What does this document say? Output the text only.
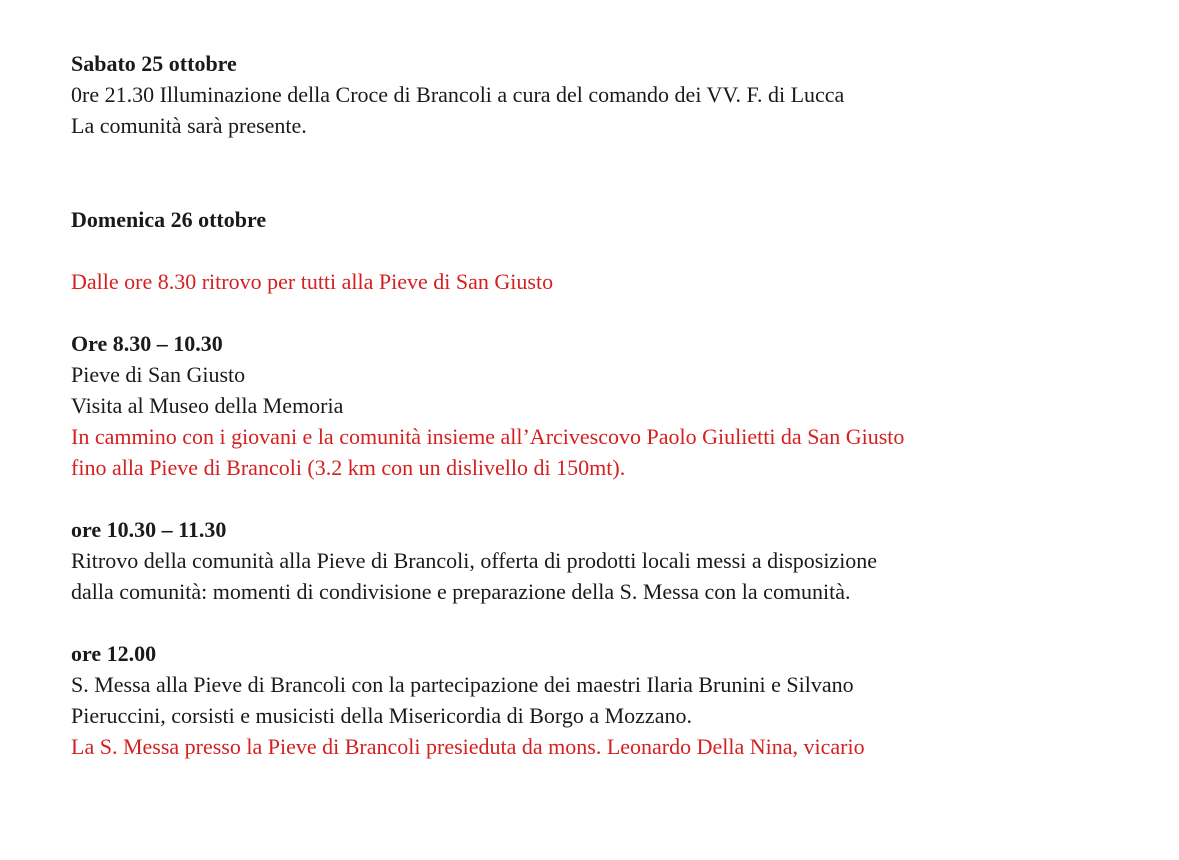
Sabato 25 ottobre
0re 21.30 Illuminazione della Croce di Brancoli a cura del comando dei VV. F. di Lucca
La comunità sarà presente.
Domenica 26 ottobre
Dalle ore 8.30 ritrovo per tutti alla Pieve di San Giusto
Ore 8.30 – 10.30
Pieve di San Giusto
Visita al Museo della Memoria
In cammino con i giovani e la comunità insieme all’Arcivescovo Paolo Giulietti da San Giusto
fino alla Pieve di Brancoli (3.2 km con un dislivello di 150mt).
ore 10.30 – 11.30
Ritrovo della comunità alla Pieve di Brancoli, offerta di prodotti locali messi a disposizione
dalla comunità: momenti di condivisione e preparazione della S. Messa con la comunità.
ore 12.00
S. Messa alla Pieve di Brancoli con la partecipazione dei maestri Ilaria Brunini e Silvano
Pieruccini, corsisti e musicisti della Misericordia di Borgo a Mozzano.
La S. Messa presso la Pieve di Brancoli presieduta da mons. Leonardo Della Nina, vicario
